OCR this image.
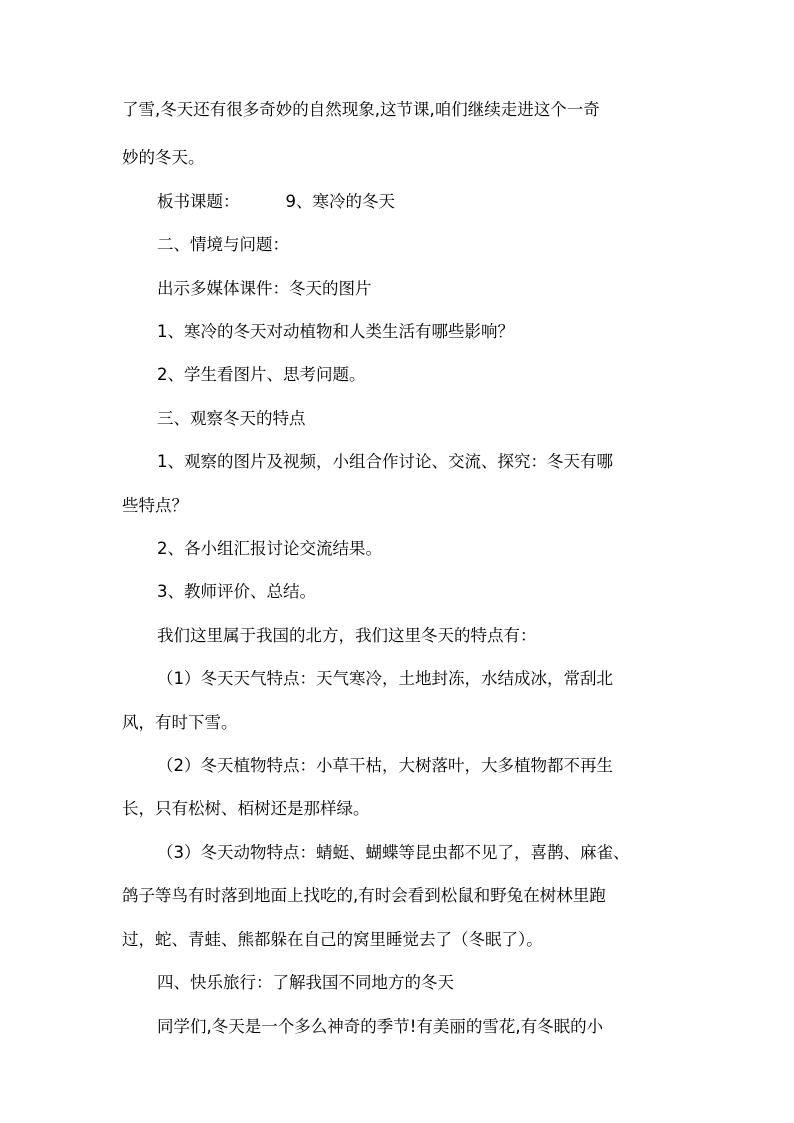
了雪,冬天还有很多奇妙的自然现象,这节课,咱们继续走进这个一奇
妙的冬天。
板书课题：	9、寒冷的冬天
二、情境与问题：
出示多媒体课件：冬天的图片
1、寒冷的冬天对动植物和人类生活有哪些影响？
2、学生看图片、思考问题。
三、观察冬天的特点
1、观察的图片及视频，小组合作讨论、交流、探究：冬天有哪
些特点？
2、各小组汇报讨论交流结果。
3、教师评价、总结。
我们这里属于我国的北方，我们这里冬天的特点有：
（1）冬天天气特点：天气寒冷，土地封冻，水结成冰，常刮北
风，有时下雪。
（2）冬天植物特点：小草干枯，大树落叶，大多植物都不再生
长，只有松树、栢树还是那样绿。
（3）冬天动物特点：蜻蜓、蝴蝶等昆虫都不见了，喜鹊、麻雀、
鸽子等鸟有时落到地面上找吃的,有时会看到松鼠和野兔在树林里跑
过，蛇、青蛙、熊都躲在自己的窝里睡觉去了（冬眠了）。
四、快乐旅行：了解我国不同地方的冬天
同学们,冬天是一个多么神奇的季节!有美丽的雪花,有冬眠的小
